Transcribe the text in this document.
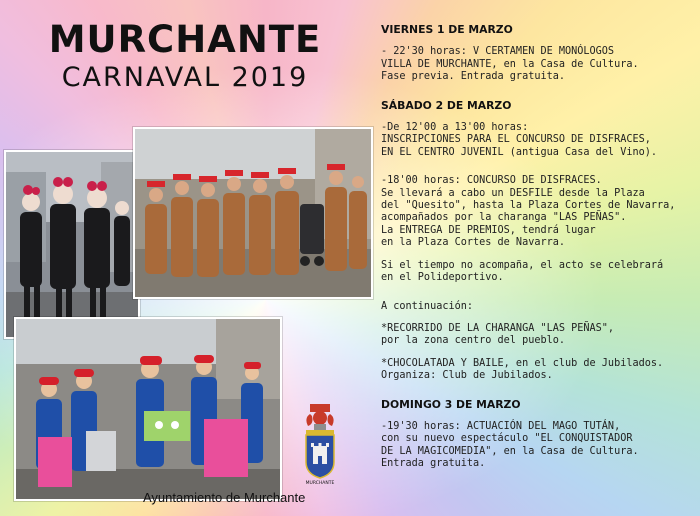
MURCHANTE
CARNAVAL 2019
Ayuntamiento de Murchante
MURCHANTE
VIERNES 1 DE MARZO
- 22'30 horas: V CERTAMEN DE MONÓLOGOS
VILLA DE MURCHANTE, en la Casa de Cultura.
Fase previa. Entrada gratuita.
SÁBADO 2 DE MARZO
-De 12'00 a 13'00 horas:
INSCRIPCIONES PARA EL CONCURSO DE DISFRACES,
EN EL CENTRO JUVENIL (antigua Casa del Vino).
-18'00 horas: CONCURSO DE DISFRACES.
Se llevará a cabo un DESFILE desde la Plaza
del "Quesito", hasta la Plaza Cortes de Navarra,
acompañados por la charanga "LAS PEÑAS".
La ENTREGA DE PREMIOS, tendrá lugar
en la Plaza Cortes de Navarra.
Si el tiempo no acompaña, el acto se celebrará
en el Polideportivo.
A continuación:
*RECORRIDO DE LA CHARANGA "LAS PEÑAS",
por la zona centro del pueblo.
*CHOCOLATADA Y BAILE, en el club de Jubilados.
Organiza: Club de Jubilados.
DOMINGO 3 DE MARZO
-19'30 horas: ACTUACIÓN DEL MAGO TUTÁN,
con su nuevo espectáculo "EL CONQUISTADOR
DE LA MAGICOMEDIA", en la Casa de Cultura.
Entrada gratuita.
